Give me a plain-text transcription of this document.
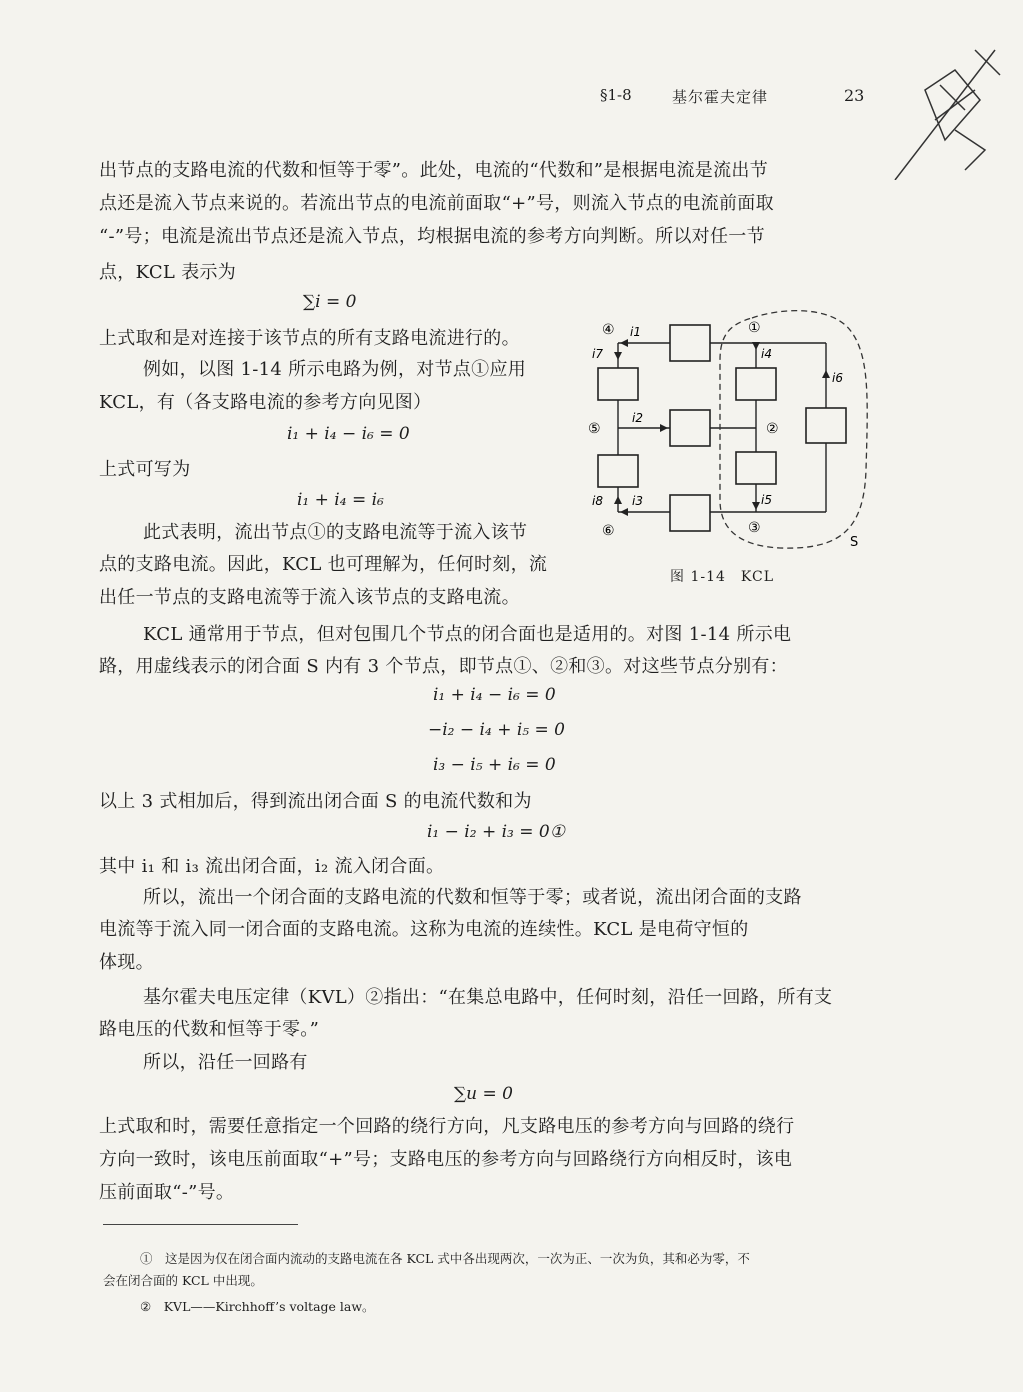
§1-8	基尔霍夫定律	23
出节点的支路电流的代数和恒等于零”。此处，电流的“代数和”是根据电流是流出节
点还是流入节点来说的。若流出节点的电流前面取“+”号，则流入节点的电流前面取
“-”号；电流是流出节点还是流入节点，均根据电流的参考方向判断。所以对任一节
点，KCL 表示为
∑i = 0
上式取和是对连接于该节点的所有支路电流进行的。
例如，以图 1-14 所示电路为例，对节点①应用
KCL，有（各支路电流的参考方向见图）
i₁ + i₄ − i₆ = 0
上式可写为
i₁ + i₄ = i₆
此式表明，流出节点①的支路电流等于流入该节
点的支路电流。因此，KCL 也可理解为，任何时刻，流
出任一节点的支路电流等于流入该节点的支路电流。
④	①
⑤	②
③
⑥
S
i1
i4
i6
i7
i2
i5
i3
i8
图 1-14　KCL
KCL 通常用于节点，但对包围几个节点的闭合面也是适用的。对图 1-14 所示电
路，用虚线表示的闭合面 S 内有 3 个节点，即节点①、②和③。对这些节点分别有：
i₁ + i₄ − i₆ = 0
−i₂ − i₄ + i₅ = 0
i₃ − i₅ + i₆ = 0
以上 3 式相加后，得到流出闭合面 S 的电流代数和为
i₁ − i₂ + i₃ = 0①
其中 i₁ 和 i₃ 流出闭合面，i₂ 流入闭合面。
所以，流出一个闭合面的支路电流的代数和恒等于零；或者说，流出闭合面的支路
电流等于流入同一闭合面的支路电流。这称为电流的连续性。KCL 是电荷守恒的
体现。
基尔霍夫电压定律（KVL）②指出：“在集总电路中，任何时刻，沿任一回路，所有支
路电压的代数和恒等于零。”
所以，沿任一回路有
∑u = 0
上式取和时，需要任意指定一个回路的绕行方向，凡支路电压的参考方向与回路的绕行
方向一致时，该电压前面取“+”号；支路电压的参考方向与回路绕行方向相反时，该电
压前面取“-”号。
①　这是因为仅在闭合面内流动的支路电流在各 KCL 式中各出现两次，一次为正、一次为负，其和必为零，不
会在闭合面的 KCL 中出现。
②　KVL——Kirchhoff’s voltage law。
